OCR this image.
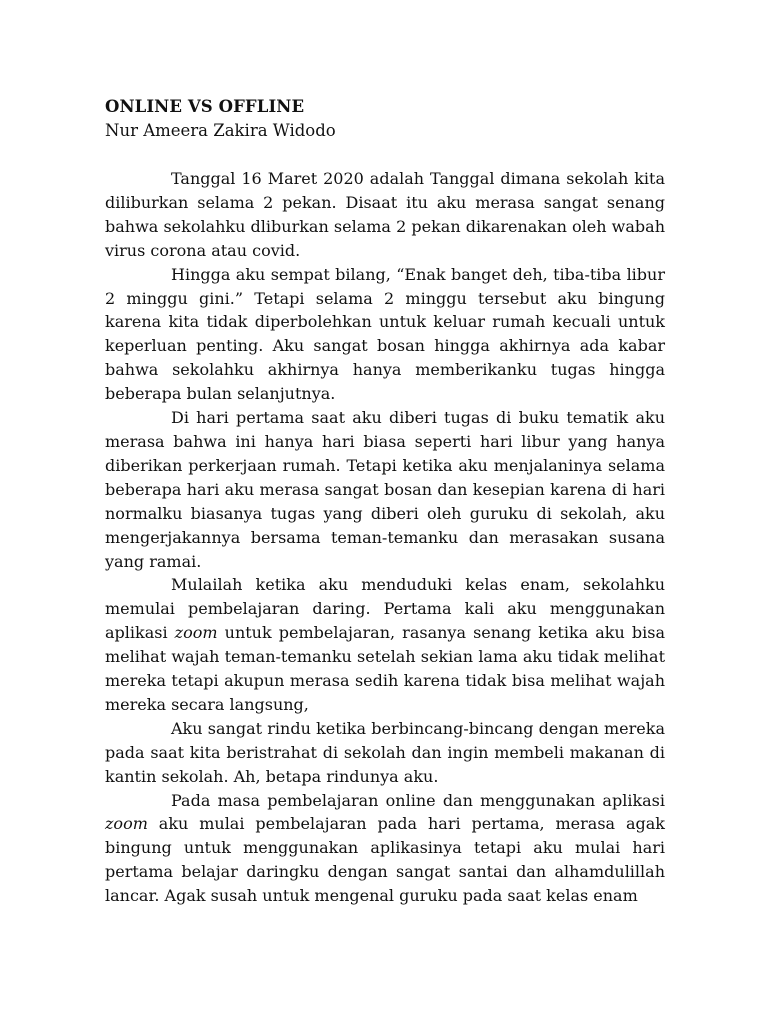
ONLINE VS OFFLINE

Nur Ameera Zakira Widodo

Tanggal 16 Maret 2020 adalah Tanggal dimana sekolah kita diliburkan selama 2 pekan. Disaat itu aku merasa sangat senang bahwa sekolahku dliburkan selama 2 pekan dikarenakan oleh wabah virus corona atau covid.

Hingga aku sempat bilang, “Enak banget deh, tiba-tiba libur 2 minggu gini.” Tetapi selama 2 minggu tersebut aku bingung karena kita tidak diperbolehkan untuk keluar rumah kecuali untuk keperluan penting. Aku sangat bosan hingga akhirnya ada kabar bahwa sekolahku akhirnya hanya memberikanku tugas hingga beberapa bulan selanjutnya.

Di hari pertama saat aku diberi tugas di buku tematik aku merasa bahwa ini hanya hari biasa seperti hari libur yang hanya diberikan perkerjaan rumah. Tetapi ketika aku menjalaninya selama beberapa hari aku merasa sangat bosan dan kesepian karena di hari normalku biasanya tugas yang diberi oleh guruku di sekolah, aku mengerjakannya bersama teman-temanku dan merasakan susana yang ramai.

Mulailah ketika aku menduduki kelas enam, sekolahku memulai pembelajaran daring. Pertama kali aku menggunakan aplikasi zoom untuk pembelajaran, rasanya senang ketika aku bisa melihat wajah teman-temanku setelah sekian lama aku tidak melihat mereka tetapi akupun merasa sedih karena tidak bisa melihat wajah mereka secara langsung,

Aku sangat rindu ketika berbincang-bincang dengan mereka pada saat kita beristrahat di sekolah dan ingin membeli makanan di kantin sekolah. Ah, betapa rindunya aku.

Pada masa pembelajaran online dan menggunakan aplikasi zoom aku mulai pembelajaran pada hari pertama, merasa agak bingung untuk menggunakan aplikasinya tetapi aku mulai hari pertama belajar daringku dengan sangat santai dan alhamdulillah lancar. Agak susah untuk mengenal guruku pada saat kelas enam
